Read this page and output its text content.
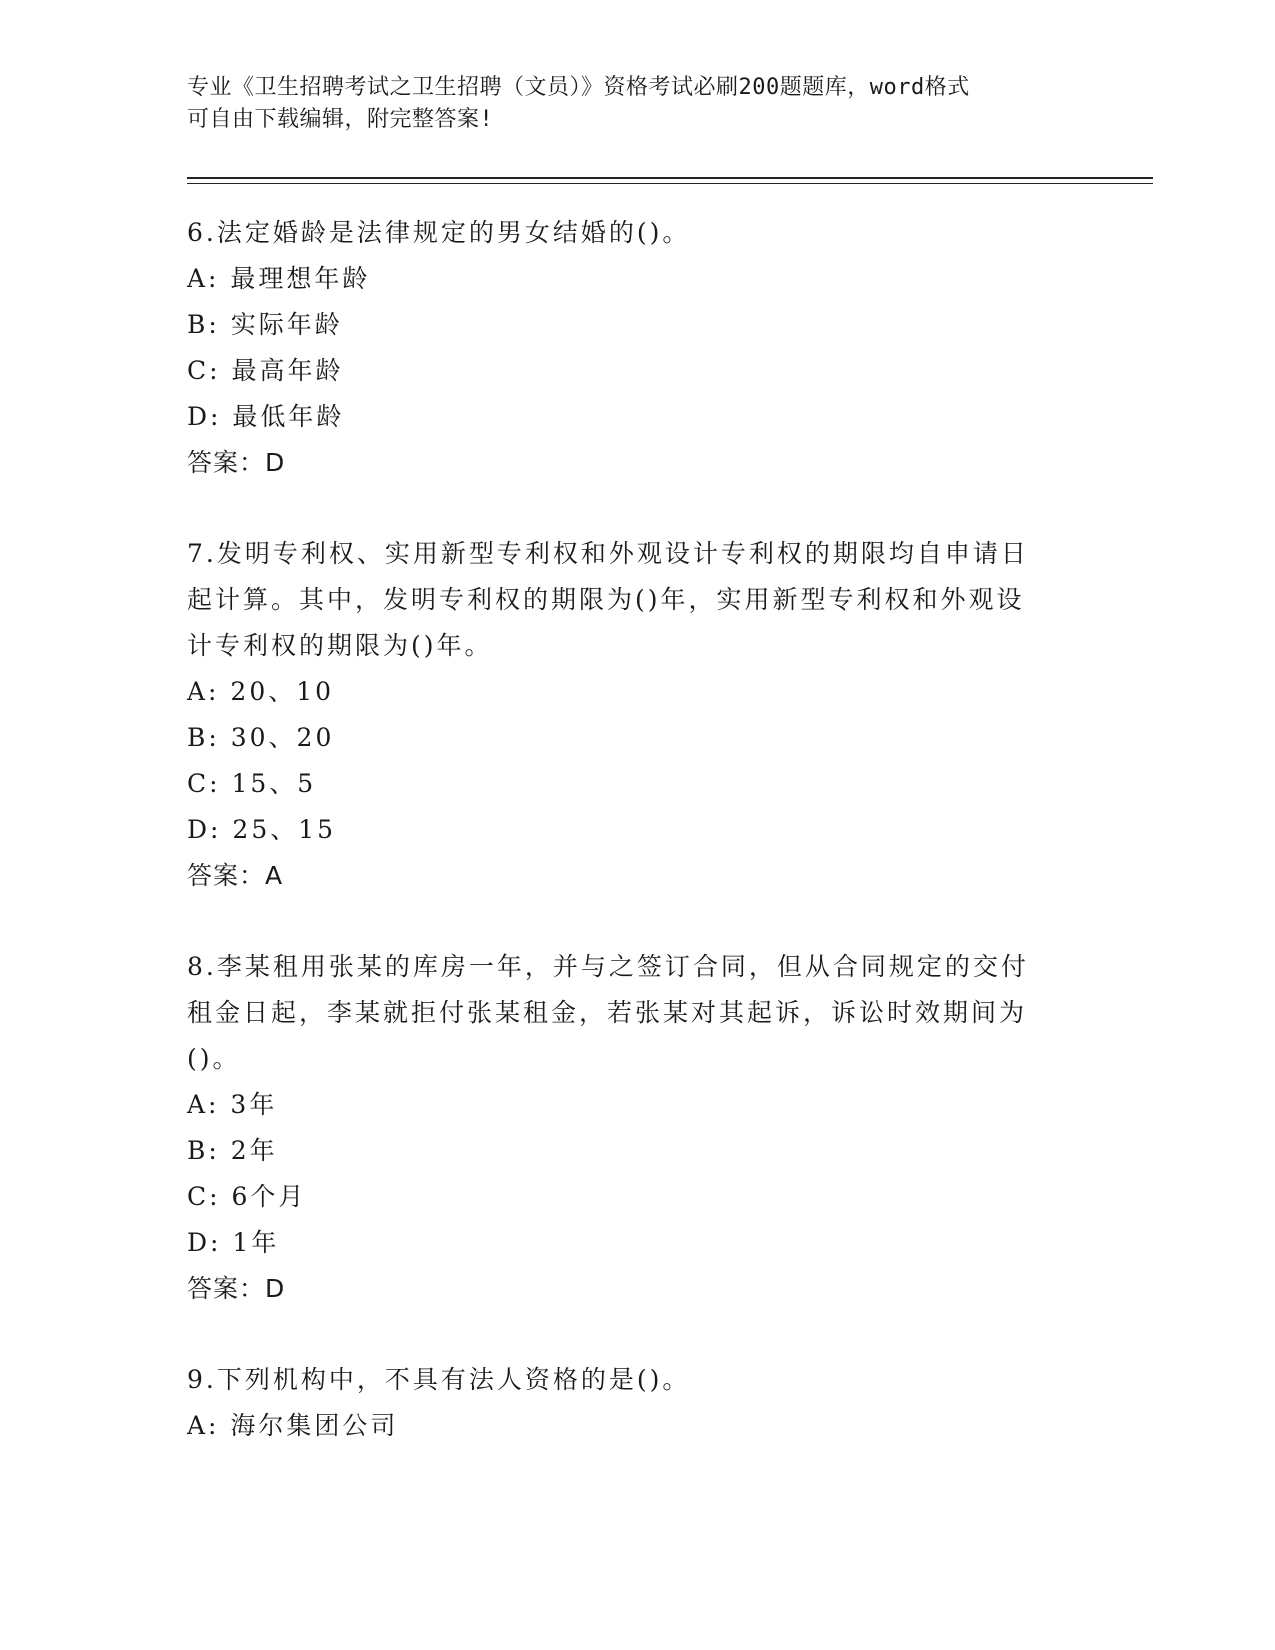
专业《卫生招聘考试之卫生招聘（文员）》资格考试必刷200题题库，word格式
可自由下载编辑，附完整答案!
6.法定婚龄是法律规定的男女结婚的()。
A: 最理想年龄
B: 实际年龄
C: 最高年龄
D: 最低年龄
答案：D
7.发明专利权、实用新型专利权和外观设计专利权的期限均自申请日
起计算。其中，发明专利权的期限为()年，实用新型专利权和外观设
计专利权的期限为()年。
A: 20、10
B: 30、20
C: 15、5
D: 25、15
答案：A
8.李某租用张某的库房一年，并与之签订合同，但从合同规定的交付
租金日起，李某就拒付张某租金，若张某对其起诉，诉讼时效期间为
()。
A: 3年
B: 2年
C: 6个月
D: 1年
答案：D
9.下列机构中，不具有法人资格的是()。
A: 海尔集团公司
